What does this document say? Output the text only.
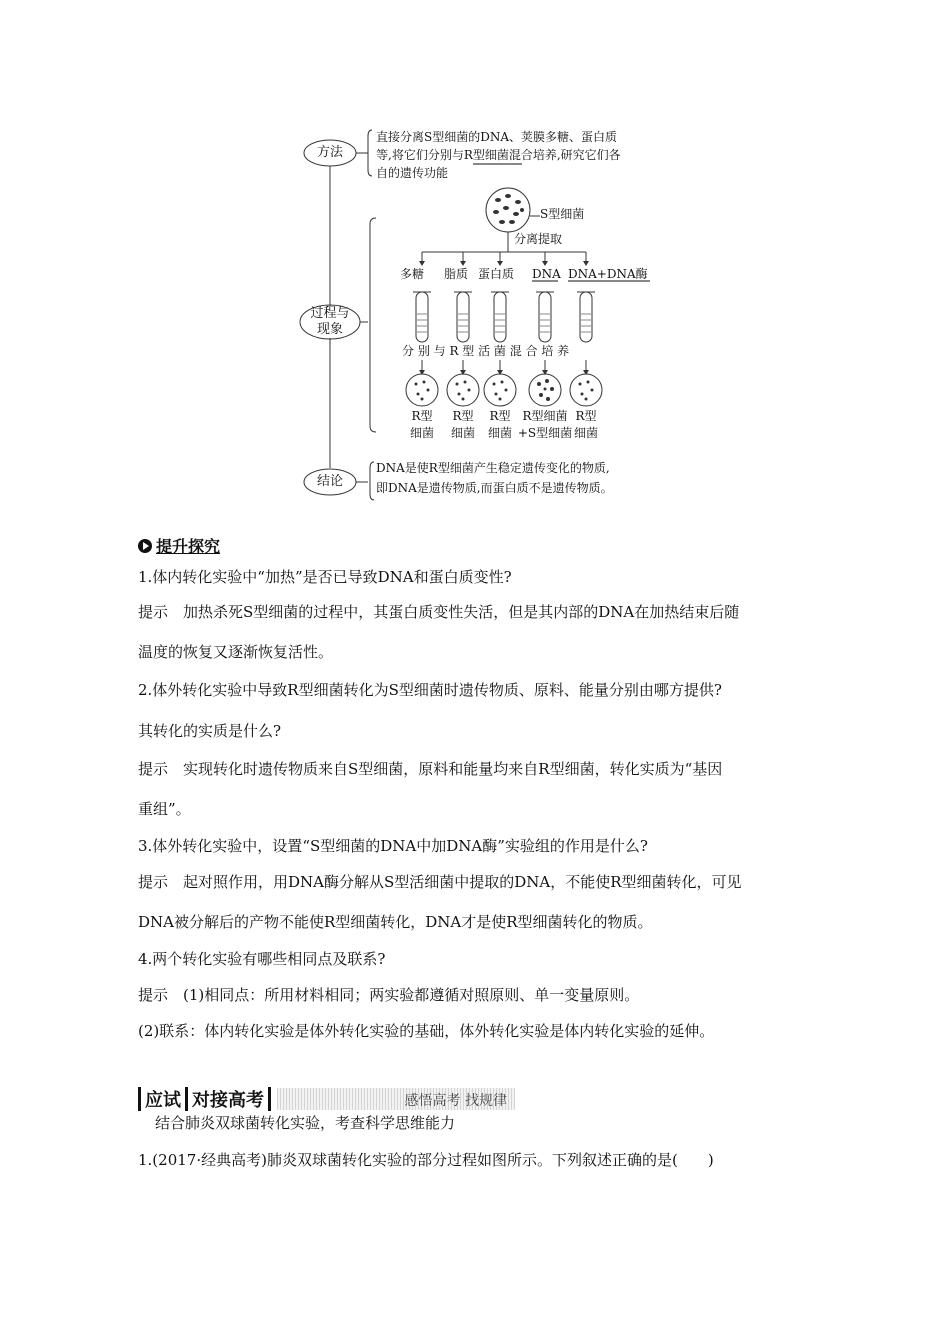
方法
直接分离S型细菌的DNA、荚膜多糖、蛋白质
等,将它们分别与R型细菌混合培养,研究它们各
自的遗传功能
过程与
现象
S型细菌
分离提取
多糖 脂质 蛋白质 DNA DNA+DNA酶
分 别 与 R 型 活 菌 混 合 培 养
R型
细菌
R型
细菌
R型
细菌
R型细菌
+S型细菌
R型
细菌
结论
DNA是使R型细菌产生稳定遗传变化的物质,
即DNA是遗传物质,而蛋白质不是遗传物质。
提升探究
1.体内转化实验中“加热”是否已导致DNA和蛋白质变性?
提示　加热杀死S型细菌的过程中，其蛋白质变性失活，但是其内部的DNA在加热结束后随
温度的恢复又逐渐恢复活性。
2.体外转化实验中导致R型细菌转化为S型细菌时遗传物质、原料、能量分别由哪方提供?
其转化的实质是什么?
提示　实现转化时遗传物质来自S型细菌，原料和能量均来自R型细菌，转化实质为“基因
重组”。
3.体外转化实验中，设置“S型细菌的DNA中加DNA酶”实验组的作用是什么?
提示　起对照作用，用DNA酶分解从S型活细菌中提取的DNA，不能使R型细菌转化，可见
DNA被分解后的产物不能使R型细菌转化，DNA才是使R型细菌转化的物质。
4.两个转化实验有哪些相同点及联系?
提示　(1)相同点：所用材料相同；两实验都遵循对照原则、单一变量原则。
(2)联系：体内转化实验是体外转化实验的基础，体外转化实验是体内转化实验的延伸。
应试 对接高考	感悟高考 找规律
结合肺炎双球菌转化实验，考查科学思维能力
1.(2017·经典高考)肺炎双球菌转化实验的部分过程如图所示。下列叙述正确的是(　　)
